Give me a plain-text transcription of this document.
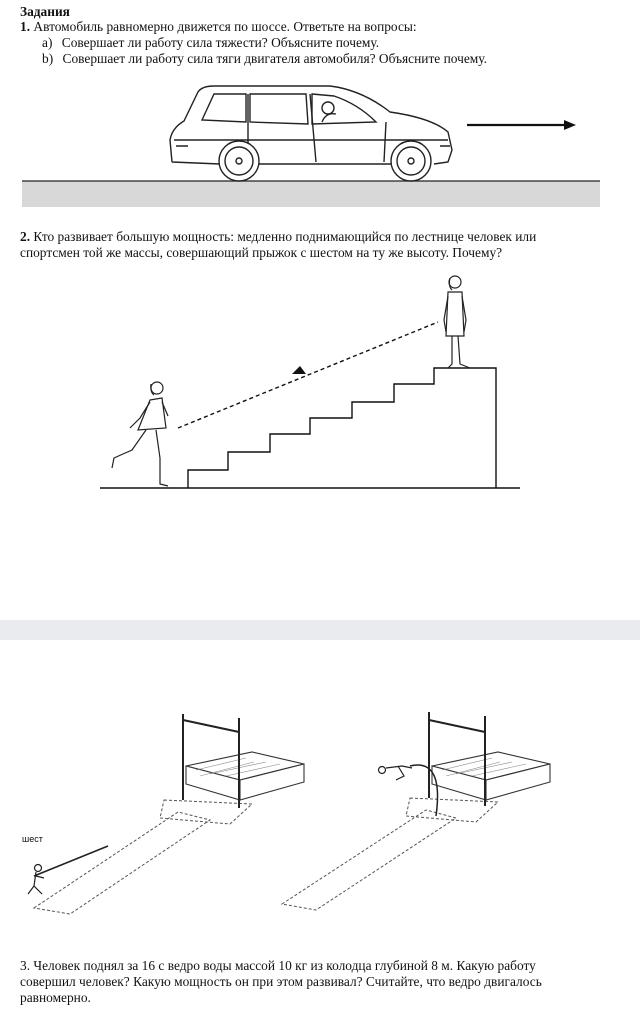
Задания
1. Автомобиль равномерно движется по шоссе. Ответьте на вопросы:
a) Совершает ли работу сила тяжести? Объясните почему.
b) Совершает ли работу сила тяги двигателя автомобиля? Объясните почему.
2. Кто развивает большую мощность: медленно поднимающийся по лестнице человек или
спортсмен той же массы, совершающий прыжок с шестом на ту же высоту. Почему?
шест
3. Человек поднял за 16 с ведро воды массой 10 кг из колодца глубиной 8 м. Какую работу
совершил человек? Какую мощность он при этом развивал? Считайте, что ведро двигалось
равномерно.
